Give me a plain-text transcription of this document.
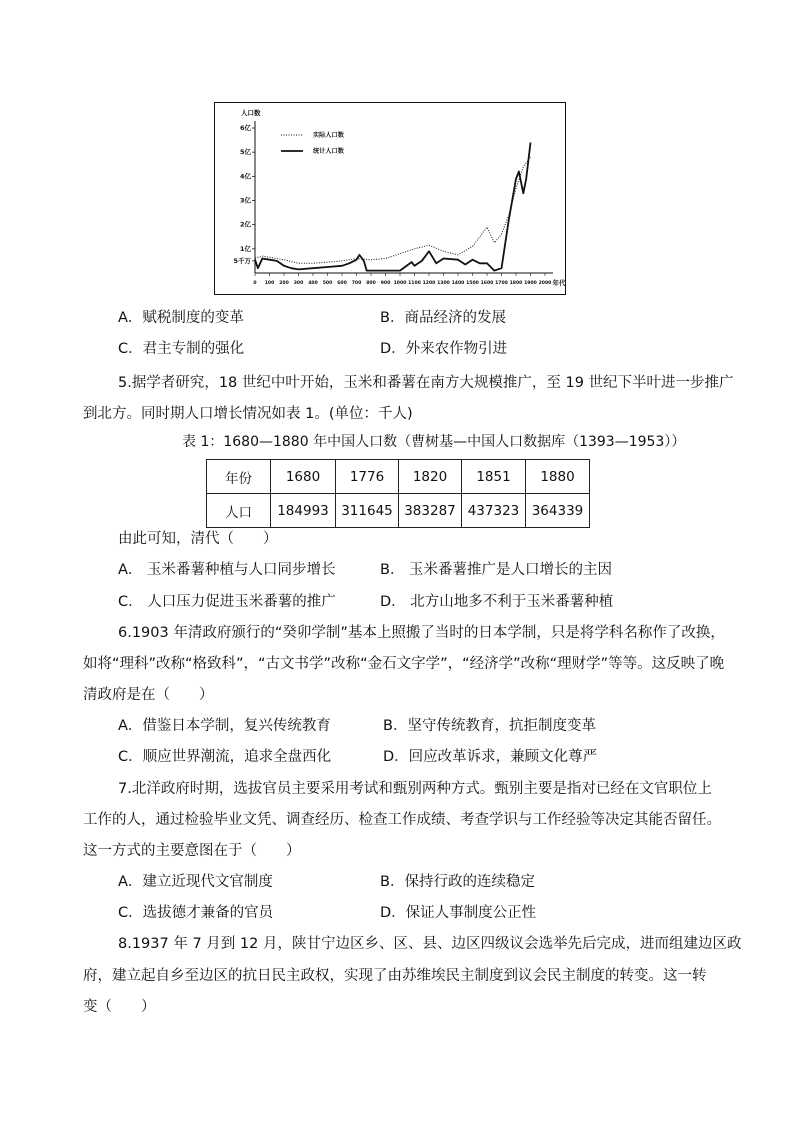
6亿
5亿
4亿
3亿
2亿
1亿
5千万
0 100 200 300 400 500 600 700 800 900 1000 1100 1200 1300 1400 1500 1600 1700 1800 1900 2000
人口数
年代
实际人口数
统计人口数
A．赋税制度的变革	B．商品经济的发展
C．君主专制的强化	D．外来农作物引进
5.据学者研究，18 世纪中叶开始，玉米和番薯在南方大规模推广，至 19 世纪下半叶进一步推广
到北方。同时期人口增长情况如表 1。(单位：千人)
表 1：1680—1880 年中国人口数（曹树基—中国人口数据库（1393—1953））
年份	1680	1776	1820	1851	1880
人口	184993	311645	383287	437323	364339
由此可知，清代（　　）
A． 玉米番薯种植与人口同步增长	B． 玉米番薯推广是人口增长的主因
C． 人口压力促进玉米番薯的推广	D． 北方山地多不利于玉米番薯种植
6.1903 年清政府颁行的“癸卯学制”基本上照搬了当时的日本学制，只是将学科名称作了改换，
如将“理科”改称“格致科”，“古文书学”改称“金石文字学”，“经济学”改称“理财学”等等。这反映了晚
清政府是在（　　）
A．借鉴日本学制，复兴传统教育	B．坚守传统教育，抗拒制度变革
C．顺应世界潮流，追求全盘西化	D．回应改革诉求，兼顾文化尊严
7.北洋政府时期，选拔官员主要采用考试和甄别两种方式。甄别主要是指对已经在文官职位上
工作的人，通过检验毕业文凭、调查经历、检查工作成绩、考查学识与工作经验等决定其能否留任。
这一方式的主要意图在于（　　）
A．建立近现代文官制度	B．保持行政的连续稳定
C．选拔德才兼备的官员	D．保证人事制度公正性
8.1937 年 7 月到 12 月，陕甘宁边区乡、区、县、边区四级议会选举先后完成，进而组建边区政
府，建立起自乡至边区的抗日民主政权，实现了由苏维埃民主制度到议会民主制度的转变。这一转
变（　　）
